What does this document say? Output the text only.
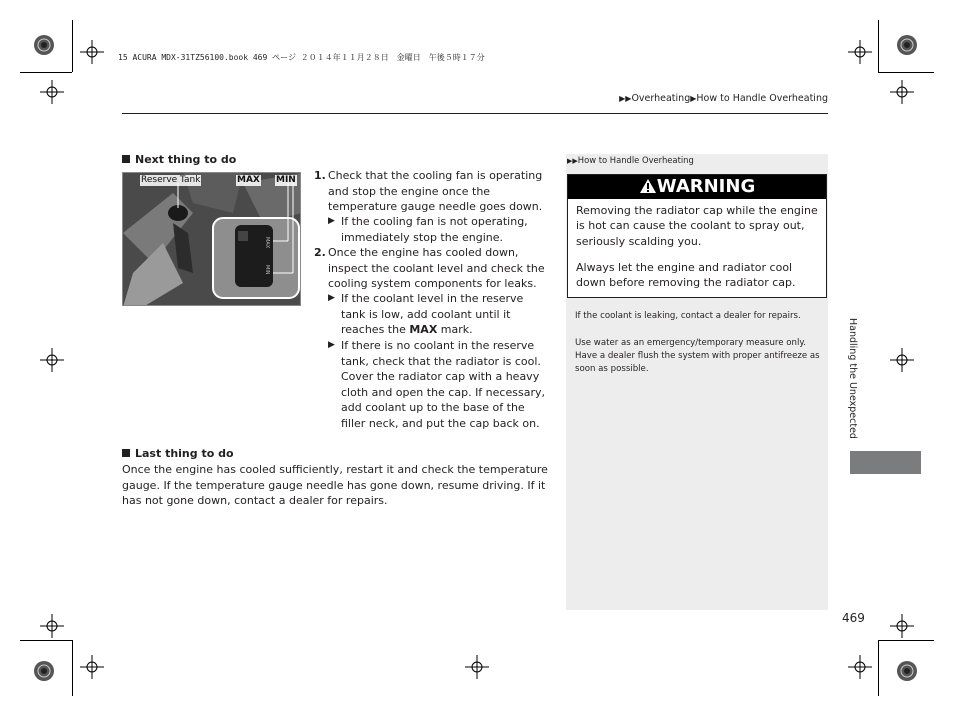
15 ACURA MDX-31TZ56100.book 469 ページ ２０１４年１１月２８日　金曜日　午後５時１７分
▶▶Overheating▶How to Handle Overheating
Next thing to do
MAX
MIN
Reserve Tank	MAX MIN 1. Check that the cooling fan is operating and stop the engine once the temperature gauge needle goes down.
▶ If the cooling fan is not operating, immediately stop the engine.
2. Once the engine has cooled down, inspect the coolant level and check the cooling system components for leaks.
▶ If the coolant level in the reserve tank is low, add coolant until it reaches the MAX mark.
▶ If there is no coolant in the reserve tank, check that the radiator is cool. Cover the radiator cap with a heavy cloth and open the cap. If necessary, add coolant up to the base of the filler neck, and put the cap back on.
Last thing to do
Once the engine has cooled sufficiently, restart it and check the temperature gauge. If the temperature gauge needle has gone down, resume driving. If it has not gone down, contact a dealer for repairs.
▶▶How to Handle Overheating
WARNING
Removing the radiator cap while the engine is hot can cause the coolant to spray out, seriously scalding you.
Always let the engine and radiator cool down before removing the radiator cap.
If the coolant is leaking, contact a dealer for repairs.
Use water as an emergency/temporary measure only. Have a dealer flush the system with proper antifreeze as soon as possible.	Handling the Unexpected
469
